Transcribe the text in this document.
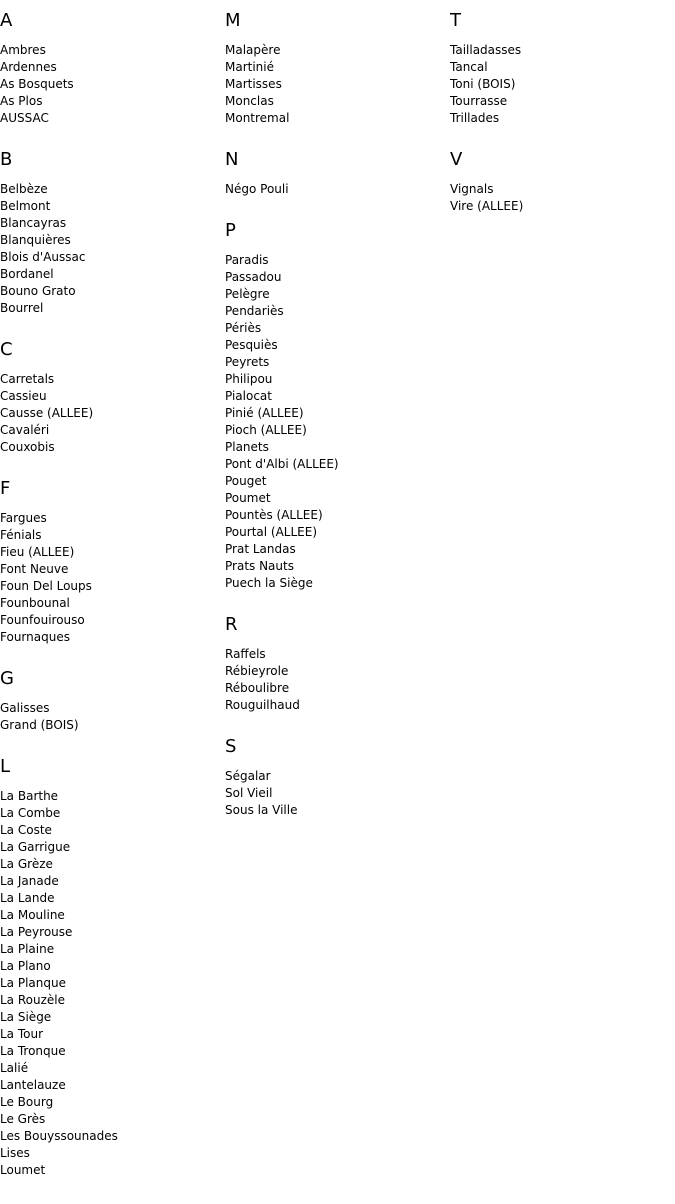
A
Ambres
Ardennes
As Bosquets
As Plos
AUSSAC
B
Belbèze
Belmont
Blancayras
Blanquières
Blois d'Aussac
Bordanel
Bouno Grato
Bourrel
C
Carretals
Cassieu
Causse (ALLEE)
Cavaléri
Couxobis
F
Fargues
Fénials
Fieu (ALLEE)
Font Neuve
Foun Del Loups
Founbounal
Founfouirouso
Fournaques
G
Galisses
Grand (BOIS)
L
La Barthe
La Combe
La Coste
La Garrigue
La Grèze
La Janade
La Lande
La Mouline
La Peyrouse
La Plaine
La Plano
La Planque
La Rouzèle
La Siège
La Tour
La Tronque
Lalié
Lantelauze
Le Bourg
Le Grès
Les Bouyssounades
Lises
Loumet
M
Malapère
Martinié
Martisses
Monclas
Montremal
N
Négo Pouli
P
Paradis
Passadou
Pelègre
Pendariès
Périès
Pesquiès
Peyrets
Philipou
Pialocat
Pinié (ALLEE)
Pioch (ALLEE)
Planets
Pont d'Albi (ALLEE)
Pouget
Poumet
Pountès (ALLEE)
Pourtal (ALLEE)
Prat Landas
Prats Nauts
Puech la Siège
R
Raffels
Rébieyrole
Réboulibre
Rouguilhaud
S
Ségalar
Sol Vieil
Sous la Ville
T
Tailladasses
Tancal
Toni (BOIS)
Tourrasse
Trillades
V
Vignals
Vire (ALLEE)
